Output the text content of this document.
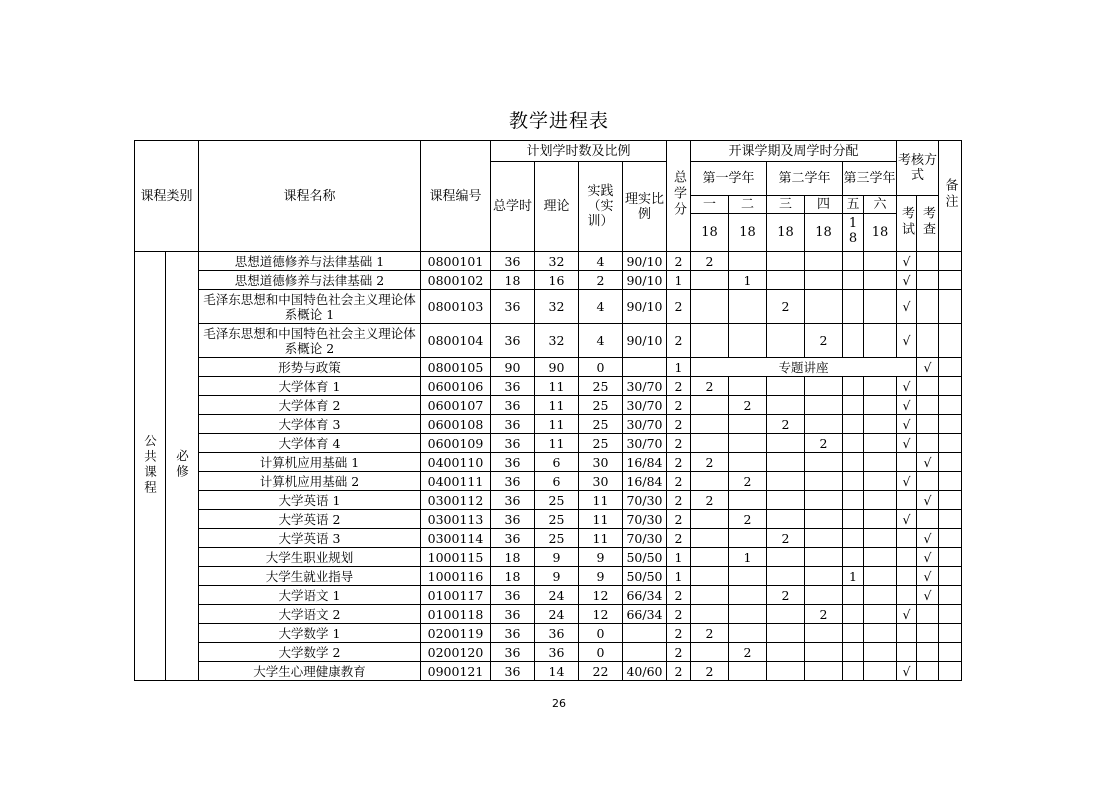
教学进程表
课程类别		课程名称	课程编号	计划学时数及比例				总学分	开课学期及周学时分配						考核方式		备注
				总学时	理论	实践（实训）	理实比例		第一学年		第二学年		第三学年				
									一	二	三	四	五	六	考试	考查	
									18	18	18	18	18	18			

公共课程	必修	思想道德修养与法律基础 1	0800101	36	32	4	90/10	2	2						√		
		思想道德修养与法律基础 2	0800102	18	16	2	90/10	1		1					√		
		毛泽东思想和中国特色社会主义理论体系概论 1	0800103	36	32	4	90/10	2			2				√		
		毛泽东思想和中国特色社会主义理论体系概论 2	0800104	36	32	4	90/10	2				2			√		
		形势与政策	0800105	90	90	0		1	专题讲座							√	
		大学体育 1	0600106	36	11	25	30/70	2	2						√		
		大学体育 2	0600107	36	11	25	30/70	2		2					√		
		大学体育 3	0600108	36	11	25	30/70	2			2				√		
		大学体育 4	0600109	36	11	25	30/70	2				2			√		
		计算机应用基础 1	0400110	36	6	30	16/84	2	2							√	
		计算机应用基础 2	0400111	36	6	30	16/84	2		2					√		
		大学英语 1	0300112	36	25	11	70/30	2	2							√	
		大学英语 2	0300113	36	25	11	70/30	2		2					√		
		大学英语 3	0300114	36	25	11	70/30	2			2					√	
		大学生职业规划	1000115	18	9	9	50/50	1		1						√	
		大学生就业指导	1000116	18	9	9	50/50	1					1			√	
		大学语文 1	0100117	36	24	12	66/34	2			2					√	
		大学语文 2	0100118	36	24	12	66/34	2				2			√		
		大学数学 1	0200119	36	36	0		2	2								
		大学数学 2	0200120	36	36	0		2		2							
		大学生心理健康教育	0900121	36	14	22	40/60	2	2						√		
26
